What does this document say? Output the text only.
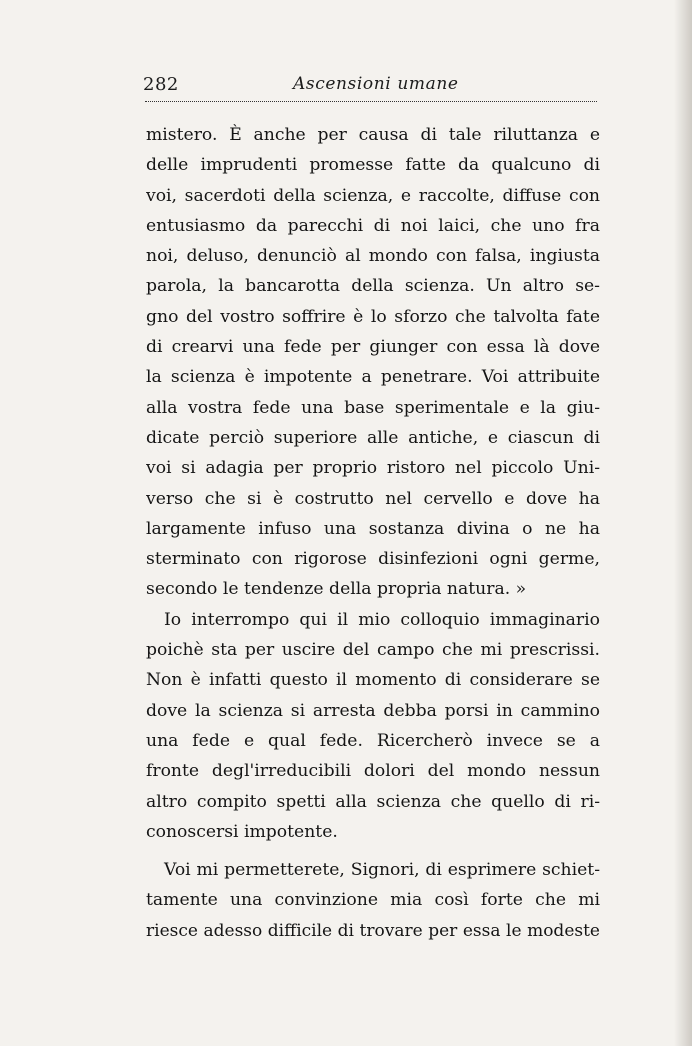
282	Ascensioni umane
mistero. È anche per causa di tale riluttanza e
delle imprudenti promesse fatte da qualcuno di
voi, sacerdoti della scienza, e raccolte, diffuse con
entusiasmo da parecchi di noi laici, che uno fra
noi, deluso, denunciò al mondo con falsa, ingiusta
parola, la bancarotta della scienza. Un altro se-
gno del vostro soffrire è lo sforzo che talvolta fate
di crearvi una fede per giunger con essa là dove
la scienza è impotente a penetrare. Voi attribuite
alla vostra fede una base sperimentale e la giu-
dicate perciò superiore alle antiche, e ciascun di
voi si adagia per proprio ristoro nel piccolo Uni-
verso che si è costrutto nel cervello e dove ha
largamente infuso una sostanza divina o ne ha
sterminato con rigorose disinfezioni ogni germe,
secondo le tendenze della propria natura. »
Io interrompo qui il mio colloquio immaginario
poichè sta per uscire del campo che mi prescrissi.
Non è infatti questo il momento di considerare se
dove la scienza si arresta debba porsi in cammino
una fede e qual fede. Ricercherò invece se a
fronte degl'irreducibili dolori del mondo nessun
altro compito spetti alla scienza che quello di ri-
conoscersi impotente.
Voi mi permetterete, Signori, di esprimere schiet-
tamente una convinzione mia così forte che mi
riesce adesso difficile di trovare per essa le modeste
